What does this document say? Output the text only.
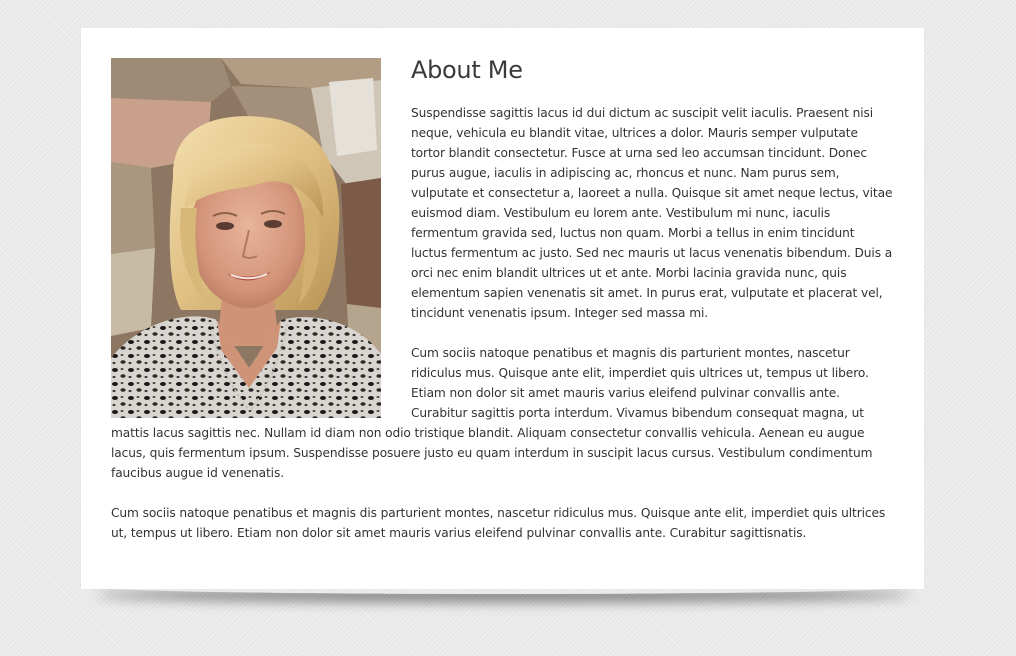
About Me

Suspendisse sagittis lacus id dui dictum ac suscipit velit iaculis. Praesent nisi neque, vehicula eu blandit vitae, ultrices a dolor. Mauris semper vulputate tortor blandit consectetur. Fusce at urna sed leo accumsan tincidunt. Donec purus augue, iaculis in adipiscing ac, rhoncus et nunc. Nam purus sem, vulputate et consectetur a, laoreet a nulla. Quisque sit amet neque lectus, vitae euismod diam. Vestibulum eu lorem ante. Vestibulum mi nunc, iaculis fermentum gravida sed, luctus non quam. Morbi a tellus in enim tincidunt luctus fermentum ac justo. Sed nec mauris ut lacus venenatis bibendum. Duis a orci nec enim blandit ultrices ut et ante. Morbi lacinia gravida nunc, quis elementum sapien venenatis sit amet. In purus erat, vulputate et placerat vel, tincidunt venenatis ipsum. Integer sed massa mi.

Cum sociis natoque penatibus et magnis dis parturient montes, nascetur ridiculus mus. Quisque ante elit, imperdiet quis ultrices ut, tempus ut libero. Etiam non dolor sit amet mauris varius eleifend pulvinar convallis ante. Curabitur sagittis porta interdum. Vivamus bibendum consequat magna, ut mattis lacus sagittis nec. Nullam id diam non odio tristique blandit. Aliquam consectetur convallis vehicula. Aenean eu augue lacus, quis fermentum ipsum. Suspendisse posuere justo eu quam interdum in suscipit lacus cursus. Vestibulum condimentum faucibus augue id venenatis.

Cum sociis natoque penatibus et magnis dis parturient montes, nascetur ridiculus mus. Quisque ante elit, imperdiet quis ultrices ut, tempus ut libero. Etiam non dolor sit amet mauris varius eleifend pulvinar convallis ante. Curabitur sagittisnatis.
